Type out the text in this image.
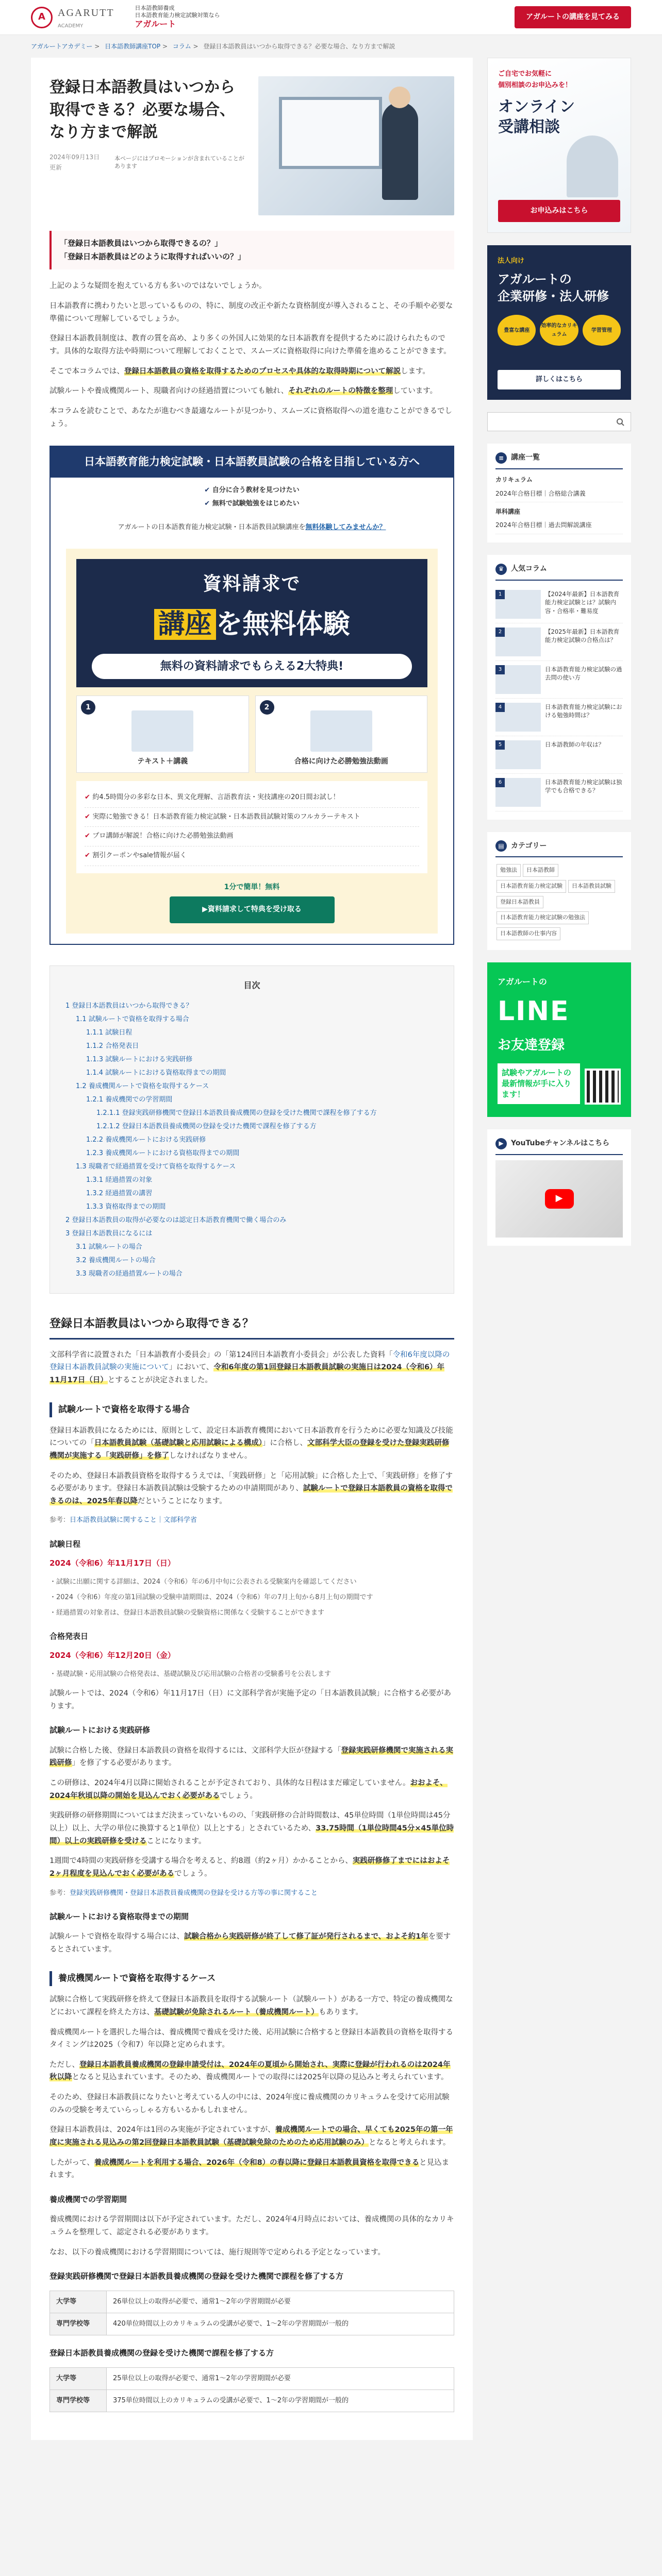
A	AGARUTT
ACADEMY
日本語教師養成
日本語教育能力検定試験対策なら
アガルート
アガルートの講座を見てみる
アガルートアカデミー > 日本語教師講座TOP > コラム > 登録日本語教員はいつから取得できる？必要な場合、なり方まで解説
登録日本語教員はいつから取得できる？必要な場合、なり方まで解説
2024年09月13日更新
本ページにはプロモーションが含まれていることがあります
「登録日本語教員はいつから取得できるの？」
「登録日本語教員はどのように取得すればいいの？」

上記のような疑問を抱えている方も多いのではないでしょうか。

日本語教育に携わりたいと思っているものの、特に、制度の改正や新たな資格制度が導入されること、その手順や必要な準備について理解しているでしょうか。

登録日本語教員制度は、教育の質を高め、より多くの外国人に効果的な日本語教育を提供するために設けられたものです。具体的な取得方法や時期について理解しておくことで、スムーズに資格取得に向けた準備を進めることができます。

そこで本コラムでは、登録日本語教員の資格を取得するためのプロセスや具体的な取得時期について解説します。

試験ルートや養成機関ルート、現職者向けの経過措置についても触れ、それぞれのルートの特徴を整理しています。

本コラムを読むことで、あなたが進むべき最適なルートが見つかり、スムーズに資格取得への道を進むことができるでしょう。

日本語教育能力検定試験・日本語教員試験の合格を目指している方へ
✔ 自分に合う教材を見つけたい
✔ 無料で試験勉強をはじめたい
アガルートの日本語教育能力検定試験・日本語教員試験講座を無料体験してみませんか？
資料請求で
講座 を無料体験
無料の資料請求でもらえる2大特典!
1
テキスト＋講義
2
合格に向けた必勝勉強法動画
✔ 約4.5時間分の多彩な日本、異文化理解、言語教育法・実技講座の20日間お試し！
✔ 実際に勉強できる！日本語教育能力検定試験・日本語教員試験対策のフルカラーテキスト
✔ プロ講師が解説！合格に向けた必勝勉強法動画
✔ 割引クーポンやsale情報が届く
1分で簡単！無料
▶資料請求して特典を受け取る
目次
1 登録日本語教員はいつから取得できる？
1.1 試験ルートで資格を取得する場合
1.1.1 試験日程
1.1.2 合格発表日
1.1.3 試験ルートにおける実践研修
1.1.4 試験ルートにおける資格取得までの期間
1.2 養成機関ルートで資格を取得するケース
1.2.1 養成機関での学習期間
1.2.1.1 登録実践研修機関で登録日本語教員養成機関の登録を受けた機関で課程を修了する方
1.2.1.2 登録日本語教員養成機関の登録を受けた機関で課程を修了する方
1.2.2 養成機関ルートにおける実践研修
1.2.3 養成機関ルートにおける資格取得までの期間
1.3 現職者で経過措置を受けて資格を取得するケース
1.3.1 経過措置の対象
1.3.2 経過措置の講習
1.3.3 資格取得までの期間
2 登録日本語教員の取得が必要なのは認定日本語教育機関で働く場合のみ
3 登録日本語教員になるには
3.1 試験ルートの場合
3.2 養成機関ルートの場合
3.3 現職者の経過措置ルートの場合
登録日本語教員はいつから取得できる？

文部科学省に設置された「日本語教育小委員会」の「第124回日本語教育小委員会」が公表した資料「令和6年度以降の登録日本語教員試験の実施について」において、令和6年度の第1回登録日本語教員試験の実施日は2024（令和6）年11月17日（日）とすることが決定されました。

試験ルートで資格を取得する場合

登録日本語教員になるためには、原則として、設定日本語教育機関において日本語教育を行うために必要な知識及び技能についての「日本語教員試験（基礎試験と応用試験による構成）」に合格し、文部科学大臣の登録を受けた登録実践研修機関が実施する「実践研修」を修了しなければなりません。

そのため、登録日本語教員資格を取得するうえでは、「実践研修」と「応用試験」に合格した上で、「実践研修」を修了する必要があります。登録日本語教員試験は受験するための申請期間があり、試験ルートで登録日本語教員の資格を取得できるのは、2025年春以降だということになります。

参考：日本語教員試験に関すること｜文部科学省

試験日程
2024（令和6）年11月17日（日）

・試験に出願に関する詳細は、2024（令和6）年の6月中旬に公表される受験案内を確認してください

・2024（令和6）年度の第1回試験の受験申請期間は、2024（令和6）年の7月上旬から8月上旬の期間です

・経過措置の対象者は、登録日本語教員試験の受験資格に関係なく受験することができます

合格発表日
2024（令和6）年12月20日（金）

・基礎試験・応用試験の合格発表は、基礎試験及び応用試験の合格者の受験番号を公表します

試験ルートでは、2024（令和6）年11月17日（日）に文部科学省が実施予定の「日本語教員試験」に合格する必要があります。

試験ルートにおける実践研修

試験に合格した後、登録日本語教員の資格を取得するには、文部科学大臣が登録する「登録実践研修機関で実施される実践研修」を修了する必要があります。

この研修は、2024年4月以降に開始されることが予定されており、具体的な日程はまだ確定していません。おおよそ、2024年秋頃以降の開始を見込んでおく必要があるでしょう。

実践研修の研修期間についてはまだ決まっていないものの、「実践研修の合計時間数は、45単位時間（1単位時間は45分以上）以上、大学の単位に換算すると1単位）以上とする」とされているため、33.75時間（1単位時間45分×45単位時間）以上の実践研修を受けることになります。

1週間で4時間の実践研修を受講する場合を考えると、約8週（約2ヶ月）かかることから、実践研修修了までにはおよそ2ヶ月程度を見込んでおく必要があるでしょう。

参考：登録実践研修機関・登録日本語教員養成機関の登録を受ける方等の事に関すること

試験ルートにおける資格取得までの期間

試験ルートで資格を取得する場合には、試験合格から実践研修が終了して修了証が発行されるまで、およそ約1年を要するとされています。

養成機関ルートで資格を取得するケース

試験に合格して実践研修を終えて登録日本語教員を取得する試験ルート（試験ルート）がある一方で、特定の養成機関などにおいて課程を終えた方は、基礎試験が免除されるルート（養成機関ルート）もあります。

養成機関ルートを選択した場合は、養成機関で養成を受けた後、応用試験に合格すると登録日本語教員の資格を取得するタイミングは2025（令和7）年以降と定められます。

ただし、登録日本語教員養成機関の登録申請受付は、2024年の夏頃から開始され、実際に登録が行われるのは2024年秋以降となると見込まれています。そのため、養成機関ルートでの取得には2025年以降の見込みと考えられています。

そのため、登録日本語教員になりたいと考えている人の中には、2024年度に養成機関のカリキュラムを受けて応用試験のみの受験を考えていらっしゃる方もいるかもしれません。

登録日本語教員は、2024年は1回のみ実施が予定されていますが、養成機関ルートでの場合、早くても2025年の第一年度に実施される見込みの第2回登録日本語教員試験（基礎試験免除のためのため応用試験のみ）となると考えられます。

したがって、養成機関ルートを利用する場合、2026年（令和8）の春以降に登録日本語教員資格を取得できると見込まれます。

養成機関での学習期間

養成機関における学習期間は以下が予定されています。ただし、2024年4月時点においては、養成機関の具体的なカリキュラムを整理して、認定される必要があります。

なお、以下の養成機関における学習期間については、施行規則等で定められる予定となっています。

登録実践研修機関で登録日本語教員養成機関の登録を受けた機関で課程を修了する方
大学等	26単位以上の取得が必要で、通常1〜2年の学習期間が必要
専門学校等	420単位時間以上のカリキュラムの受講が必要で、1〜2年の学習期間が一般的
登録日本語教員養成機関の登録を受けた機関で課程を修了する方
大学等	25単位以上の取得が必要で、通常1〜2年の学習期間が必要
専門学校等	375単位時間以上のカリキュラムの受講が必要で、1〜2年の学習期間が一般的
ご自宅でお気軽に
個別相談のお申込みを！
オンライン
受講相談
お申込みはこちら
法人向け
アガルートの
企業研修・法人研修
豊富な講座
効率的なカリキュラム
学習管理
詳しくはこちら
≡ 講座一覧
カリキュラム
2024年合格目標｜合格総合講義
単科講座
2024年合格目標｜過去問解説講座
♛ 人気コラム
1	【2024年最新】日本語教育能力検定試験とは？試験内容・合格率・難易度
2	【2025年最新】日本語教育能力検定試験の合格点は？
3	日本語教育能力検定試験の過去問の使い方
4	日本語教育能力検定試験における勉強時間は？
5	日本語教師の年収は？
6	日本語教育能力検定試験は独学でも合格できる？
▤ カテゴリー
勉強法 日本語教師日本語教育能力検定試験 日本語教員試験登録日本語教員日本語教育能力検定試験の勉強法日本語教師の仕事内容
アガルートの
LINE
お友達登録
試験やアガルートの最新情報が手に入ります！
▶	YouTubeチャンネルはこちら
▶
